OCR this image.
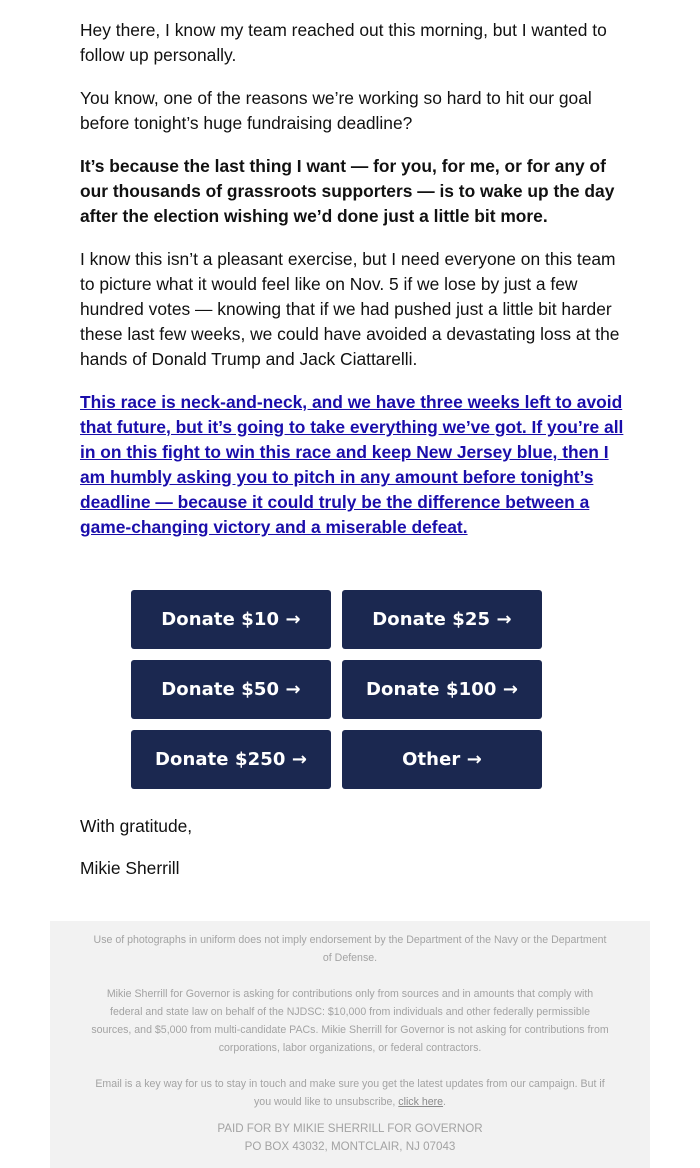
Hey there, I know my team reached out this morning, but I wanted to follow up personally.

You know, one of the reasons we’re working so hard to hit our goal before tonight’s huge fundraising deadline?

It’s because the last thing I want — for you, for me, or for any of our thousands of grassroots supporters — is to wake up the day after the election wishing we’d done just a little bit more.

I know this isn’t a pleasant exercise, but I need everyone on this team to picture what it would feel like on Nov. 5 if we lose by just a few hundred votes — knowing that if we had pushed just a little bit harder these last few weeks, we could have avoided a devastating loss at the hands of Donald Trump and Jack Ciattarelli.

This race is neck-and-neck, and we have three weeks left to avoid that future, but it’s going to take everything we’ve got. If you’re all in on this fight to win this race and keep New Jersey blue, then I am humbly asking you to pitch in any amount before tonight’s deadline — because it could truly be the difference between a game-changing victory and a miserable defeat.

Donate $10 →	Donate $25 →
Donate $50 →	Donate $100 →
Donate $250 →	Other →
With gratitude,
Mikie Sherrill
Use of photographs in uniform does not imply endorsement by the Department of the Navy or the Department of Defense.
Mikie Sherrill for Governor is asking for contributions only from sources and in amounts that comply with federal and state law on behalf of the NJDSC: $10,000 from individuals and other federally permissible sources, and $5,000 from multi-candidate PACs. Mikie Sherrill for Governor is not asking for contributions from corporations, labor organizations, or federal contractors.
Email is a key way for us to stay in touch and make sure you get the latest updates from our campaign. But if you would like to unsubscribe, click here.
PAID FOR BY MIKIE SHERRILL FOR GOVERNOR
PO BOX 43032, MONTCLAIR, NJ 07043
